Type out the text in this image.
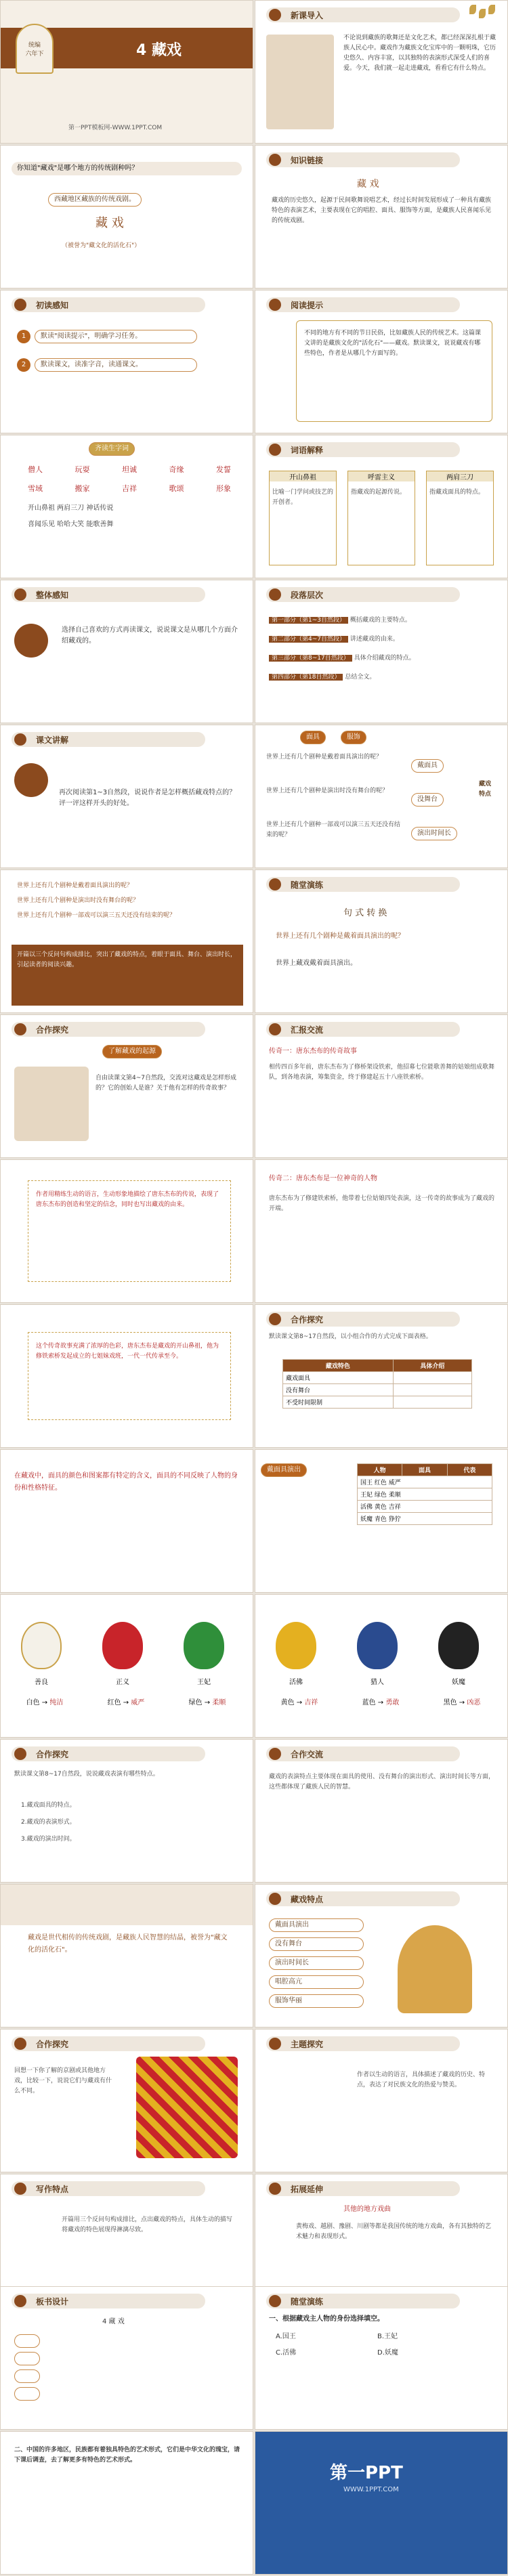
统编
六年下	4 藏戏
第一PPT模板网-WWW.1PPT.COM
新课导入
不论说到藏族的歌舞还是文化艺术，都已经深深扎根于藏族人民心中。藏戏作为藏族文化宝库中的一颗明珠，它历史悠久、内容丰富，以其独特的表演形式深受人们的喜爱。今天，我们就一起走进藏戏，看看它有什么特点。
你知道"藏戏"是哪个地方的传统剧种吗？
西藏地区藏族的传统戏剧。
藏 戏
（被誉为"藏文化的活化石"）
知识链接
藏 戏
藏戏的历史悠久，起源于民间歌舞说唱艺术，经过长时间发展形成了一种具有藏族特色的表演艺术，主要表现在它的唱腔、面具、服饰等方面，是藏族人民喜闻乐见的传统戏剧。
初读感知
1	默读"阅读提示"，明确学习任务。
2	默读课文，读准字音，读通课文。
阅读提示
不同的地方有不同的节日民俗，比如藏族人民的传统艺术。这篇课文讲的是藏族文化的"活化石"——藏戏。默读课文，说说藏戏有哪些特色，作者是从哪几个方面写的。
齐读生字词
僧人	玩耍	坦诚	奇缘	发誓
雪域	搬家	吉祥	歌颂	形象
开山鼻祖 两肩三刀 神话传说
喜闻乐见 哈哈大笑 能歌善舞
词语解释
开山鼻祖
比喻一门学问或技艺的开创者。
呼雷主义
指藏戏的起源传说。
两肩三刀
指藏戏面具的特点。
整体感知
选择自己喜欢的方式再读课文，说说课文是从哪几个方面介绍藏戏的。
段落层次
第一部分（第1~3自然段） 概括藏戏的主要特点。
第二部分（第4~7自然段） 讲述藏戏的由来。
第三部分（第8~17自然段） 具体介绍藏戏的特点。
第四部分（第18自然段） 总结全文。
课文讲解
再次阅读第1~3自然段，说说作者是怎样概括藏戏特点的？评一评这样开头的好处。
面具	服饰
世界上还有几个剧种是戴着面具演出的呢？
世界上还有几个剧种是演出时没有舞台的呢？
世界上还有几个剧种一部戏可以演三五天还没有结束的呢？
戴面具
没舞台
演出时间长
藏戏特点
世界上还有几个剧种是戴着面具演出的呢？
世界上还有几个剧种是演出时没有舞台的呢？
世界上还有几个剧种一部戏可以演三五天还没有结束的呢？
开篇以三个反问句构成排比，突出了藏戏的特点，着眼于面具、舞台、演出时长，引起读者的阅读兴趣。
随堂演练
句 式 转 换
世界上还有几个剧种是戴着面具演出的呢？
世界上藏戏戴着面具演出。
合作探究
了解藏戏的起源
自由读课文第4~7自然段，交流对这藏戏是怎样形成的？它的创始人是谁？关于他有怎样的传奇故事？
汇报交流
传奇一：唐东杰布的传奇故事
相传四百多年前，唐东杰布为了修桥架设铁索，他招募七位能歌善舞的姑娘组成歌舞队，到各地表演，筹集资金，终于修建起五十八座铁索桥。
作者用精练生动的语言，生动形象地描绘了唐东杰布的传说，表现了唐东杰布的创造和坚定的信念，同时也写出藏戏的由来。
传奇二：唐东杰布是一位神奇的人物
唐东杰布为了修建铁索桥，他带着七位姑娘四处表演，这一传奇的故事成为了藏戏的开端。
这个传奇故事充满了浓厚的色彩，唐东杰布是藏戏的开山鼻祖，他为修铁索桥发起成立的七姐妹戏班，一代一代传承至今。
合作探究
默读课文第8~17自然段，以小组合作的方式完成下面表格。
藏戏特色	具体介绍
藏戏面具	
没有舞台	
不受时间限制	
在藏戏中，面具的颜色和图案都有特定的含义，面具的不同反映了人物的身份和性格特征。
戴面具演出	人物	面具	代表
国王 红色 威严
王妃 绿色 柔顺
活佛 黄色 吉祥
妖魔 青色 狰狞
善良	正义	王妃
白色 → 纯洁	红色 → 威严	绿色 → 柔顺
活佛	猎人	妖魔
黄色 → 吉祥	蓝色 → 勇敢	黑色 → 凶恶
合作探究
默读课文第8~17自然段，说说藏戏表演有哪些特点。
1.藏戏面具的特点。
2.藏戏的表演形式。
3.藏戏的演出时间。
合作交流
藏戏的表演特点主要体现在面具的使用、没有舞台的演出形式、演出时间长等方面，这些都体现了藏族人民的智慧。
藏戏是世代相传的传统戏剧，是藏族人民智慧的结晶，被誉为"藏文化的活化石"。
藏戏特点
戴面具演出
没有舞台
演出时间长
唱腔高亢
服饰华丽
合作探究
回想一下你了解的京剧或其他地方戏，比较一下，说说它们与藏戏有什么不同。
主题探究
作者以生动的语言，具体描述了藏戏的历史、特点，表达了对民族文化的热爱与赞美。
写作特点
开篇用三个反问句构成排比，点出藏戏的特点，具体生动的描写将藏戏的特色展现得淋漓尽致。
拓展延伸
其他的地方戏曲
黄梅戏、越剧、豫剧、川剧等都是我国传统的地方戏曲，各有其独特的艺术魅力和表现形式。
板书设计
4 藏 戏
形成
面具
舞台
演出
随堂演练
一、根据藏戏主人物的身份选择填空。
A.国王	B.王妃
C.活佛	D.妖魔
二、中国的许多地区，民族都有着独具特色的艺术形式，它们是中华文化的瑰宝，请下课后调查，去了解更多有特色的艺术形式。
第一PPT
WWW.1PPT.COM
